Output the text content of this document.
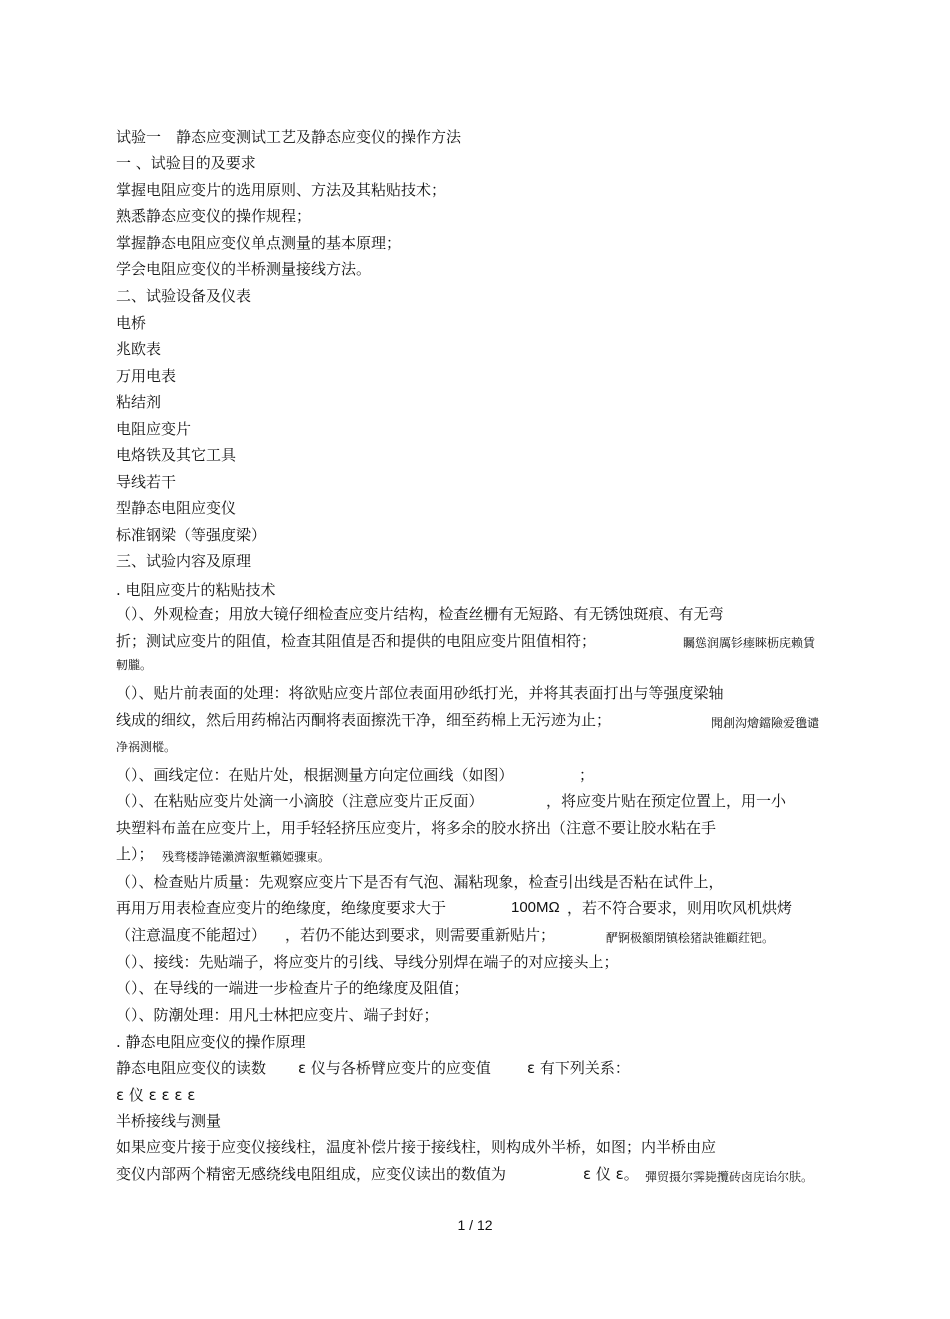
试验一　静态应变测试工艺及静态应变仪的操作方法
一 、试验目的及要求
掌握电阻应变片的选用原则、方法及其粘贴技术；
熟悉静态应变仪的操作规程；
掌握静态电阻应变仪单点测量的基本原理；
学会电阻应变仪的半桥测量接线方法。
二、试验设备及仪表
电桥
兆欧表
万用电表
粘结剂
电阻应变片
电烙铁及其它工具
导线若干
型静态电阻应变仪
标准钢梁（等强度梁）
三、试验内容及原理
. 电阻应变片的粘贴技术
（）、外观检查；用放大镜仔细检查应变片结构，检查丝栅有无短路、有无锈蚀斑痕、有无弯
折；测试应变片的阻值，检查其阻值是否和提供的电阻应变片阻值相符；	矚慫润厲钐瘗睞枥庑赖賃
軔朧。
（）、贴片前表面的处理：将欲贴应变片部位表面用砂纸打光，并将其表面打出与等强度梁轴
线成的细纹，然后用药棉沾丙酮将表面擦洗干净，细至药棉上无污迹为止；	聞創沟燴鐺險爱氇谴
净祸测樅。
（）、画线定位：在贴片处，根据测量方向定位画线（如图）	；
（）、在粘贴应变片处滴一小滴胶（注意应变片正反面）	，将应变片贴在预定位置上，用一小
块塑料布盖在应变片上，用手轻轻挤压应变片，将多余的胶水挤出（注意不要让胶水粘在手
上）； 残骛楼諍锩瀨濟溆塹籟婭骤東。
（）、检查贴片质量：先观察应变片下是否有气泡、漏粘现象，检查引出线是否粘在试件上，
再用万用表检查应变片的绝缘度，绝缘度要求大于	100MΩ ，若不符合要求，则用吹风机烘烤
（注意温度不能超过） ，若仍不能达到要求，则需要重新贴片；	酽锕极額閉镇桧猪訣锥顧荭钯。
（）、接线：先贴端子，将应变片的引线、导线分别焊在端子的对应接头上；
（）、在导线的一端进一步检查片子的绝缘度及阻值；
（）、防潮处理：用凡士林把应变片、端子封好；
. 静态电阻应变仪的操作原理
静态电阻应变仪的读数 ε 仪与各桥臂应变片的应变值 ε 有下列关系：
ε 仪 ε ε ε ε
半桥接线与测量
如果应变片接于应变仪接线柱，温度补偿片接于接线柱，则构成外半桥，如图；内半桥由应
变仪内部两个精密无感绕线电阻组成，应变仪读出的数值为	ε 仪 ε。 彈贸摄尔霁毙攬砖卤庑诒尔肤。
1 / 12
